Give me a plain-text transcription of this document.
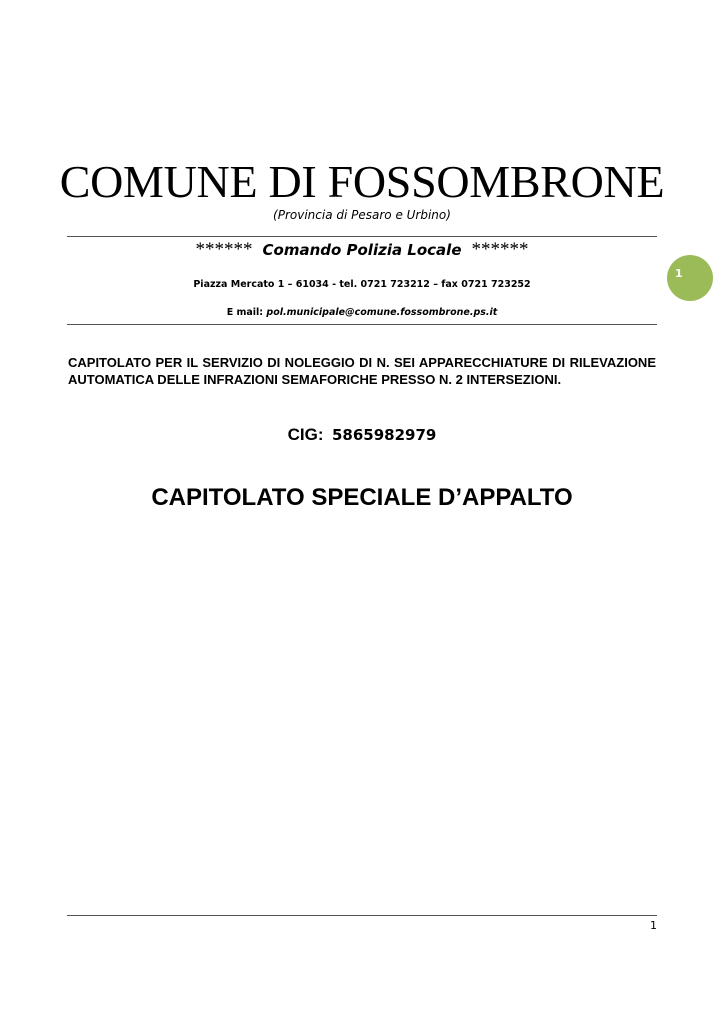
COMUNE DI FOSSOMBRONE
(Provincia di Pesaro e Urbino)
****** Comando Polizia Locale ******
Piazza Mercato 1 – 61034 - tel. 0721 723212 – fax 0721 723252
E mail: pol.municipale@comune.fossombrone.ps.it
1
CAPITOLATO PER IL SERVIZIO DI NOLEGGIO DI N. SEI APPARECCHIATURE DI RILEVAZIONE AUTOMATICA DELLE INFRAZIONI SEMAFORICHE PRESSO N. 2 INTERSEZIONI.
CIG: 5865982979
CAPITOLATO SPECIALE D’APPALTO
1
